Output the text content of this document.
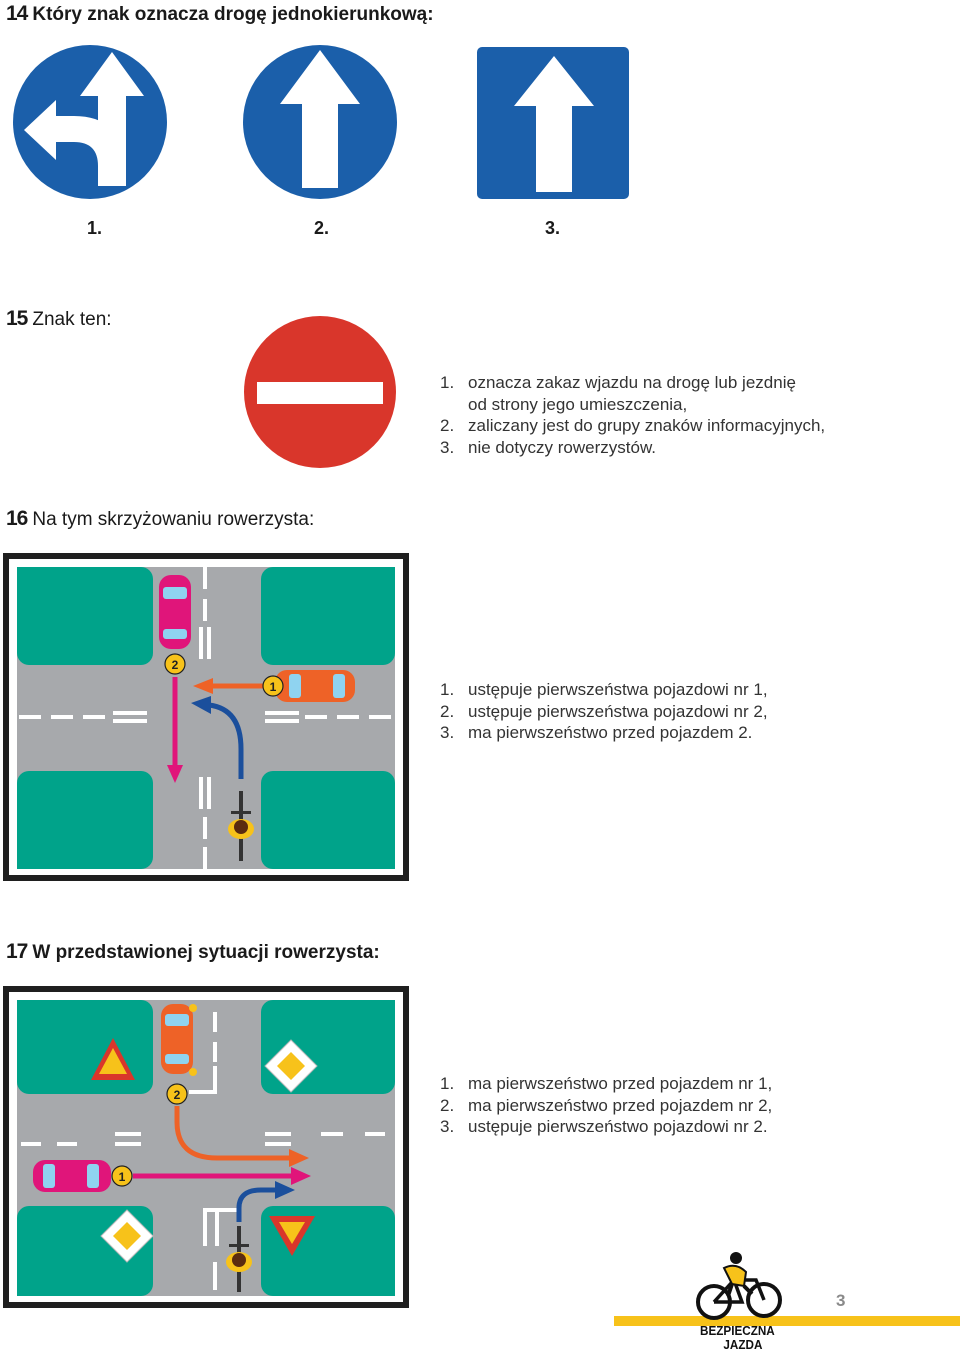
14 Który znak oznacza drogę jednokierunkową:
1.	2.	3.
15 Znak ten:
1. oznacza zakaz wjazdu na drogę lub jezdnię
od strony jego umieszczenia,
2. zaliczany jest do grupy znaków informacyjnych,
3. nie dotyczy rowerzystów.
16 Na tym skrzyżowaniu rowerzysta:
2
1	1. ustępuje pierwszeństwa pojazdowi nr 1,
2. ustępuje pierwszeństwa pojazdowi nr 2,
3. ma pierwszeństwo przed pojazdem 2.
17 W przedstawionej sytuacji rowerzysta:
2
1
1. ma pierwszeństwo przed pojazdem nr 1,
2. ma pierwszeństwo przed pojazdem nr 2,
3. ustępuje pierwszeństwo pojazdowi nr 2.
3
BEZPIECZNA
JAZDA
